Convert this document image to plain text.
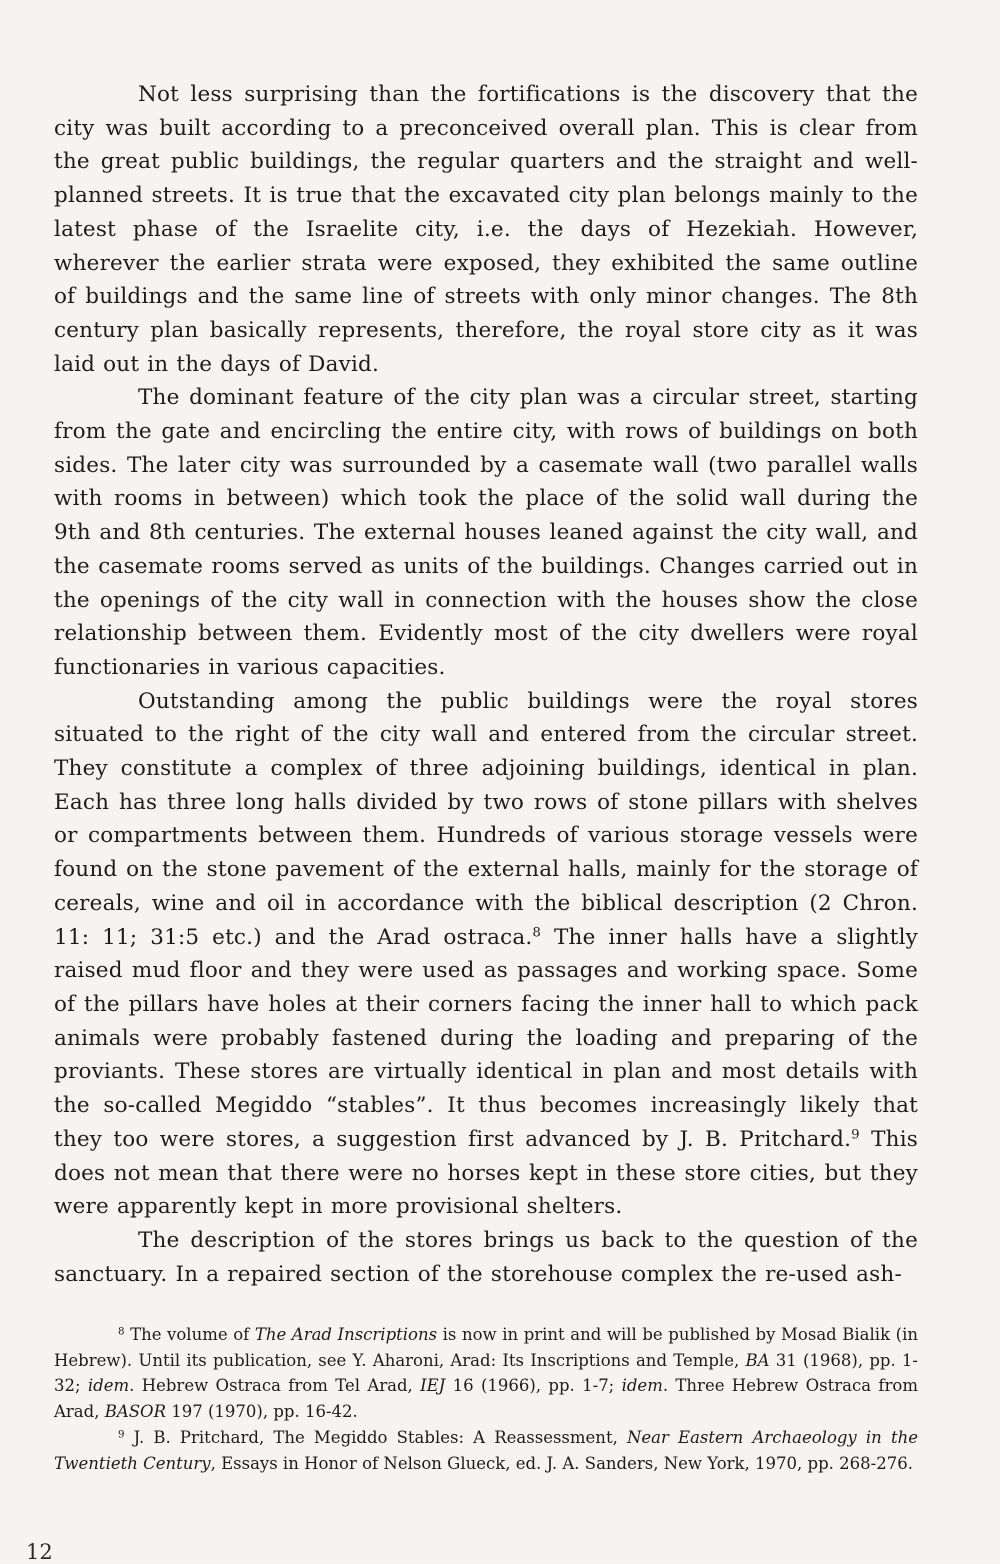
Not less surprising than the fortifications is the discovery that the city was built according to a preconceived overall plan. This is clear from the great public buildings, the regular quarters and the straight and well-planned streets. It is true that the excavated city plan belongs mainly to the latest phase of the Israelite city, i.e. the days of Hezekiah. However, wherever the earlier strata were exposed, they exhibited the same outline of buildings and the same line of streets with only minor changes. The 8th century plan basically represents, therefore, the royal store city as it was laid out in the days of David.

The dominant feature of the city plan was a circular street, starting from the gate and encircling the entire city, with rows of buildings on both sides. The later city was surrounded by a casemate wall (two parallel walls with rooms in between) which took the place of the solid wall during the 9th and 8th centuries. The external houses leaned against the city wall, and the casemate rooms served as units of the buildings. Changes carried out in the openings of the city wall in connection with the houses show the close relationship between them. Evidently most of the city dwellers were royal functionaries in various capacities.

Outstanding among the public buildings were the royal stores situated to the right of the city wall and entered from the circular street. They constitute a complex of three adjoining buildings, identical in plan. Each has three long halls divided by two rows of stone pillars with shelves or compartments between them. Hundreds of various storage vessels were found on the stone pavement of the external halls, mainly for the storage of cereals, wine and oil in accordance with the biblical description (2 Chron. 11: 11; 31:5 etc.) and the Arad ostraca.$^8$ The inner halls have a slightly raised mud floor and they were used as passages and working space. Some of the pillars have holes at their corners facing the inner hall to which pack animals were probably fastened during the loading and preparing of the proviants. These stores are virtually identical in plan and most details with the so-called Megiddo “stables”. It thus becomes increasingly likely that they too were stores, a suggestion first advanced by J. B. Pritchard.$^9$ This does not mean that there were no horses kept in these store cities, but they were apparently kept in more provisional shelters.

The description of the stores brings us back to the question of the sanctuary. In a repaired section of the storehouse complex the re-used ash-

$^8$ The volume of The Arad Inscriptions is now in print and will be published by Mosad Bialik (in Hebrew). Until its publication, see Y. Aharoni, Arad: Its Inscriptions and Temple, BA 31 (1968), pp. 1-32; idem. Hebrew Ostraca from Tel Arad, IEJ 16 (1966), pp. 1-7; idem. Three Hebrew Ostraca from Arad, BASOR 197 (1970), pp. 16-42.

$^9$ J. B. Pritchard, The Megiddo Stables: A Reassessment, Near Eastern Archaeology in the Twentieth Century, Essays in Honor of Nelson Glueck, ed. J. A. Sanders, New York, 1970, pp. 268-276.

12
